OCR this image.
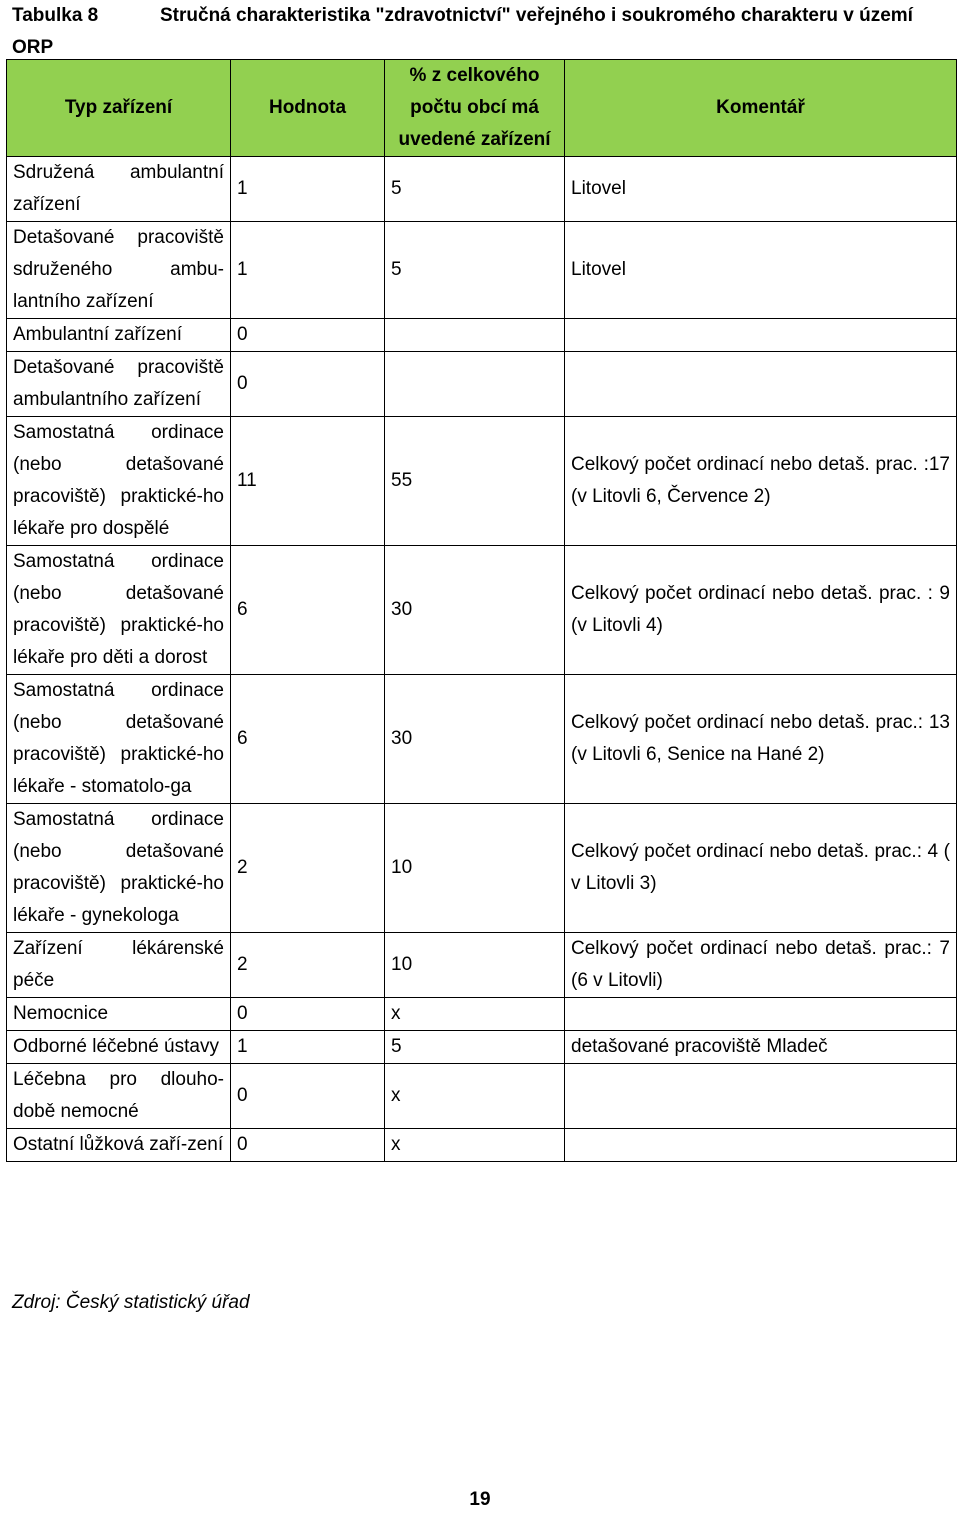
Tabulka 8	Stručná charakteristika "zdravotnictví" veřejného i soukromého charakteru v území ORP
Typ zařízení	Hodnota	% z celkového počtu obcí má uvedené zařízení	Komentář
Sdružená ambulantní zařízení	1	5	Litovel
Detašované pracoviště sdruženého ambu-lantního zařízení	1	5	Litovel
Ambulantní zařízení	0		
Detašované pracoviště ambulantního zařízení	0		
Samostatná ordinace (nebo detašované pracoviště) praktické-ho lékaře pro dospělé	11	55	Celkový počet ordinací nebo detaš. prac. :17 (v Litovli 6, Července 2)
Samostatná ordinace (nebo detašované pracoviště) praktické-ho lékaře pro děti a dorost	6	30	Celkový počet ordinací nebo detaš. prac. : 9 (v Litovli 4)
Samostatná ordinace (nebo detašované pracoviště) praktické-ho lékaře - stomatolo-ga	6	30	Celkový počet ordinací nebo detaš. prac.: 13 (v Litovli 6, Senice na Hané 2)
Samostatná ordinace (nebo detašované pracoviště) praktické-ho lékaře - gynekologa	2	10	Celkový počet ordinací nebo detaš. prac.: 4 ( v Litovli 3)
Zařízení lékárenské péče	2	10	Celkový počet ordinací nebo detaš. prac.: 7 (6 v Litovli)
Nemocnice	0	x	
Odborné léčebné ústavy	1	5	detašované pracoviště Mladeč
Léčebna pro dlouho-době nemocné	0	x	
Ostatní lůžková zaří-zení	0	x	
Zdroj: Český statistický úřad
19
